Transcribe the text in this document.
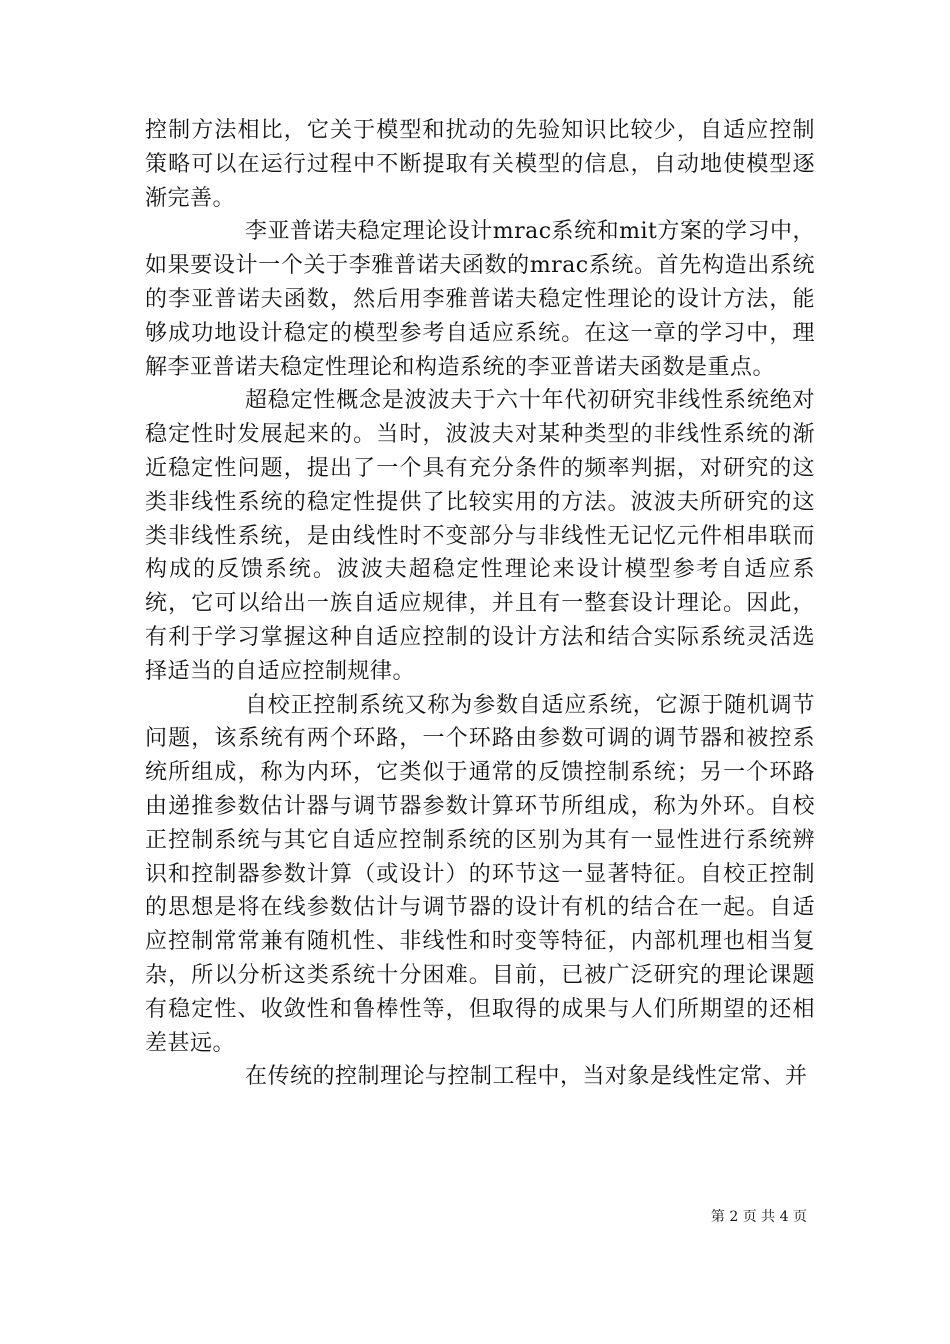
控制方法相比，它关于模型和扰动的先验知识比较少，自适应控制策略可以在运行过程中不断提取有关模型的信息，自动地使模型逐渐完善。

李亚普诺夫稳定理论设计mrac系统和mit方案的学习中，如果要设计一个关于李雅普诺夫函数的mrac系统。首先构造出系统的李亚普诺夫函数，然后用李雅普诺夫稳定性理论的设计方法，能够成功地设计稳定的模型参考自适应系统。在这一章的学习中，理解李亚普诺夫稳定性理论和构造系统的李亚普诺夫函数是重点。

超稳定性概念是波波夫于六十年代初研究非线性系统绝对稳定性时发展起来的。当时，波波夫对某种类型的非线性系统的渐近稳定性问题，提出了一个具有充分条件的频率判据，对研究的这类非线性系统的稳定性提供了比较实用的方法。波波夫所研究的这类非线性系统，是由线性时不变部分与非线性无记忆元件相串联而构成的反馈系统。波波夫超稳定性理论来设计模型参考自适应系统，它可以给出一族自适应规律，并且有一整套设计理论。因此，有利于学习掌握这种自适应控制的设计方法和结合实际系统灵活选择适当的自适应控制规律。

自校正控制系统又称为参数自适应系统，它源于随机调节问题，该系统有两个环路，一个环路由参数可调的调节器和被控系统所组成，称为内环，它类似于通常的反馈控制系统；另一个环路由递推参数估计器与调节器参数计算环节所组成，称为外环。自校正控制系统与其它自适应控制系统的区别为其有一显性进行系统辨识和控制器参数计算（或设计）的环节这一显著特征。自校正控制的思想是将在线参数估计与调节器的设计有机的结合在一起。自适应控制常常兼有随机性、非线性和时变等特征，内部机理也相当复杂，所以分析这类系统十分困难。目前，已被广泛研究的理论课题有稳定性、收敛性和鲁棒性等，但取得的成果与人们所期望的还相差甚远。

在传统的控制理论与控制工程中，当对象是线性定常、并

第 2 页 共 4 页
